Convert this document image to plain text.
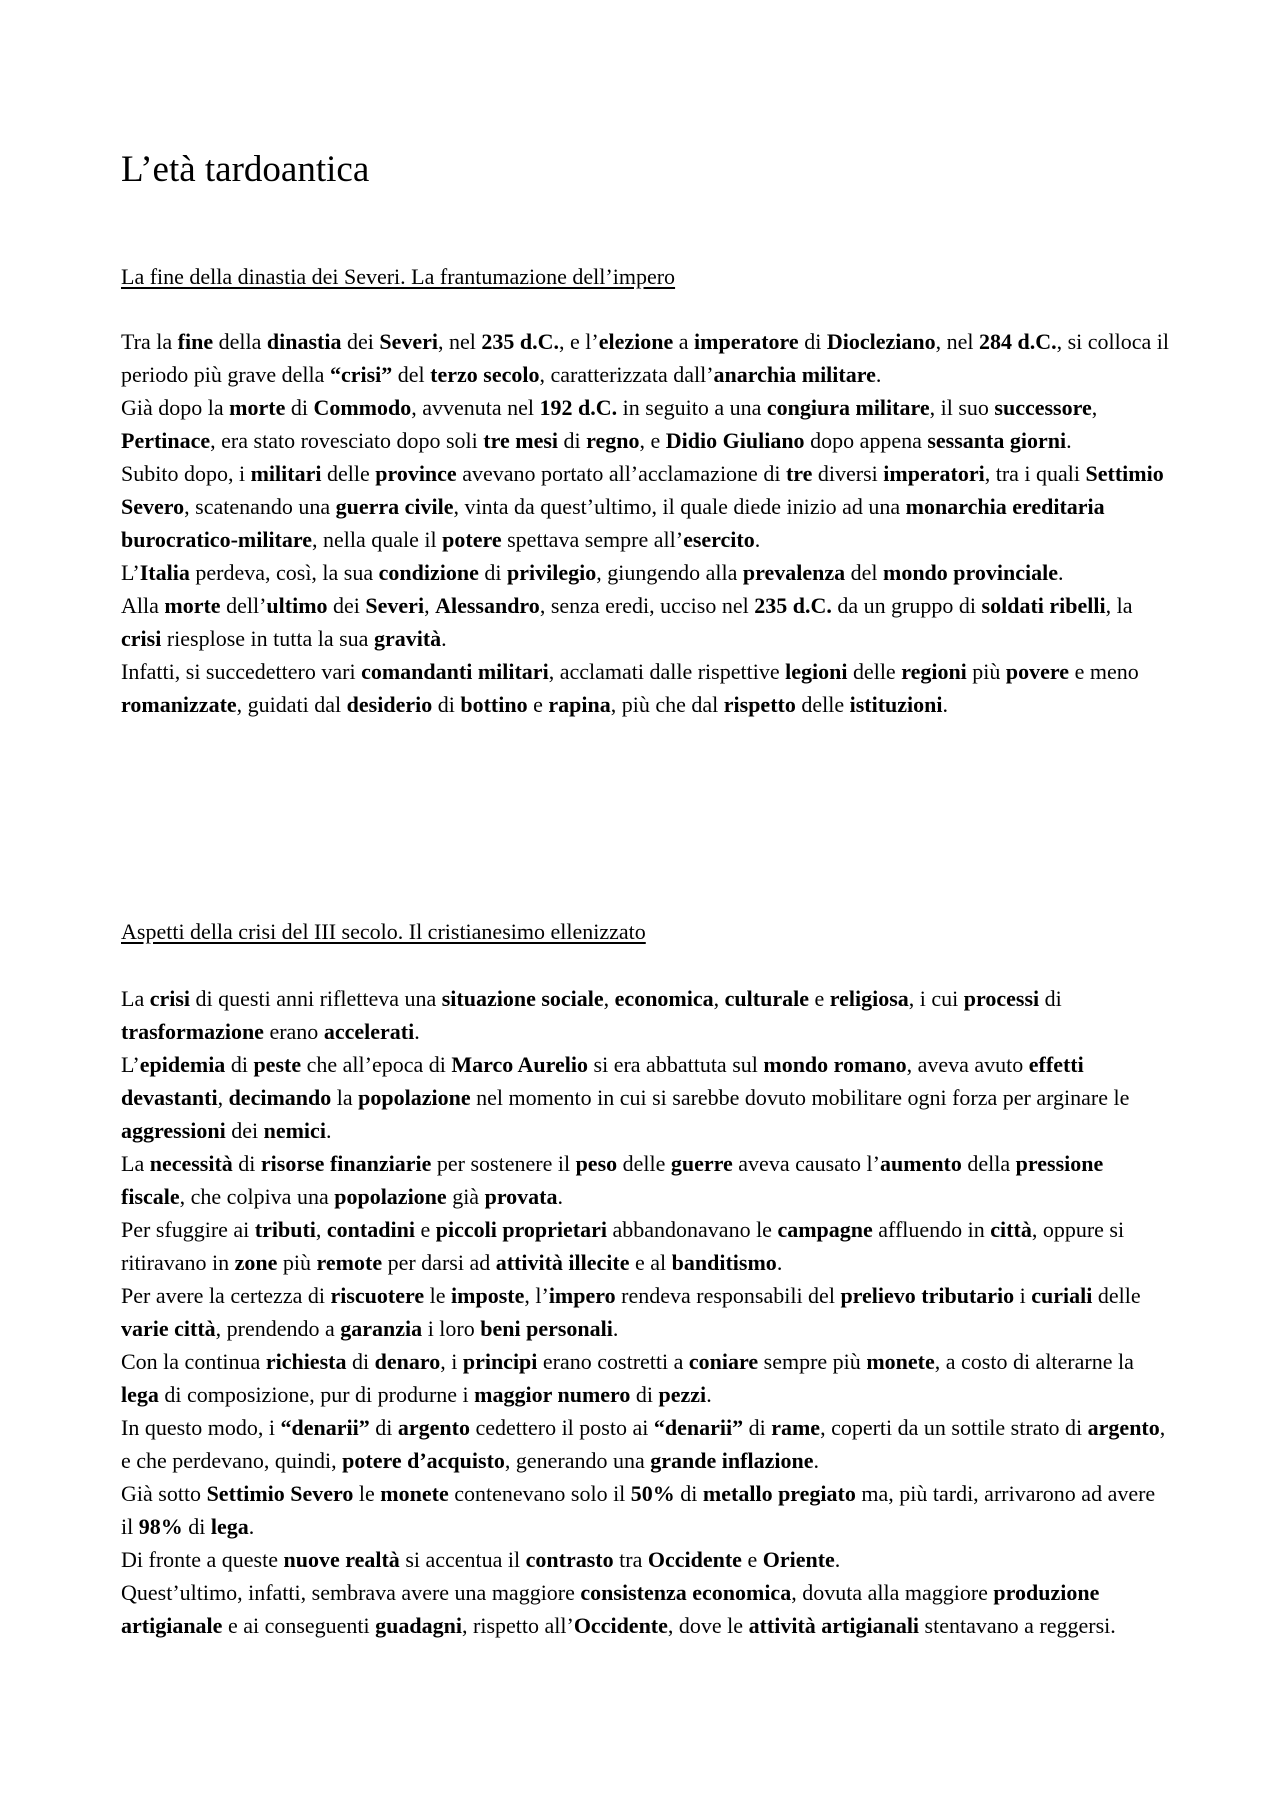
L’età tardoantica
La fine della dinastia dei Severi. La frantumazione dell’impero

Tra la fine della dinastia dei Severi, nel 235 d.C., e l’elezione a imperatore di Diocleziano, nel 284 d.C., si colloca il periodo più grave della “crisi” del terzo secolo, caratterizzata dall’anarchia militare.

Già dopo la morte di Commodo, avvenuta nel 192 d.C. in seguito a una congiura militare, il suo successore, Pertinace, era stato rovesciato dopo soli tre mesi di regno, e Didio Giuliano dopo appena sessanta giorni.

Subito dopo, i militari delle province avevano portato all’acclamazione di tre diversi imperatori, tra i quali Settimio Severo, scatenando una guerra civile, vinta da quest’ultimo, il quale diede inizio ad una monarchia ereditaria burocratico-militare, nella quale il potere spettava sempre all’esercito.

L’Italia perdeva, così, la sua condizione di privilegio, giungendo alla prevalenza del mondo provinciale.

Alla morte dell’ultimo dei Severi, Alessandro, senza eredi, ucciso nel 235 d.C. da un gruppo di soldati ribelli, la crisi riesplose in tutta la sua gravità.

Infatti, si succedettero vari comandanti militari, acclamati dalle rispettive legioni delle regioni più povere e meno romanizzate, guidati dal desiderio di bottino e rapina, più che dal rispetto delle istituzioni.

Aspetti della crisi del III secolo. Il cristianesimo ellenizzato

La crisi di questi anni rifletteva una situazione sociale, economica, culturale e religiosa, i cui processi di trasformazione erano accelerati.

L’epidemia di peste che all’epoca di Marco Aurelio si era abbattuta sul mondo romano, aveva avuto effetti devastanti, decimando la popolazione nel momento in cui si sarebbe dovuto mobilitare ogni forza per arginare le aggressioni dei nemici.

La necessità di risorse finanziarie per sostenere il peso delle guerre aveva causato l’aumento della pressione fiscale, che colpiva una popolazione già provata.

Per sfuggire ai tributi, contadini e piccoli proprietari abbandonavano le campagne affluendo in città, oppure si ritiravano in zone più remote per darsi ad attività illecite e al banditismo.

Per avere la certezza di riscuotere le imposte, l’impero rendeva responsabili del prelievo tributario i curiali delle varie città, prendendo a garanzia i loro beni personali.

Con la continua richiesta di denaro, i principi erano costretti a coniare sempre più monete, a costo di alterarne la lega di composizione, pur di produrne i maggior numero di pezzi.

In questo modo, i “denarii” di argento cedettero il posto ai “denarii” di rame, coperti da un sottile strato di argento, e che perdevano, quindi, potere d’acquisto, generando una grande inflazione.

Già sotto Settimio Severo le monete contenevano solo il 50% di metallo pregiato ma, più tardi, arrivarono ad avere il 98% di lega.

Di fronte a queste nuove realtà si accentua il contrasto tra Occidente e Oriente.

Quest’ultimo, infatti, sembrava avere una maggiore consistenza economica, dovuta alla maggiore produzione artigianale e ai conseguenti guadagni, rispetto all’Occidente, dove le attività artigianali stentavano a reggersi.
